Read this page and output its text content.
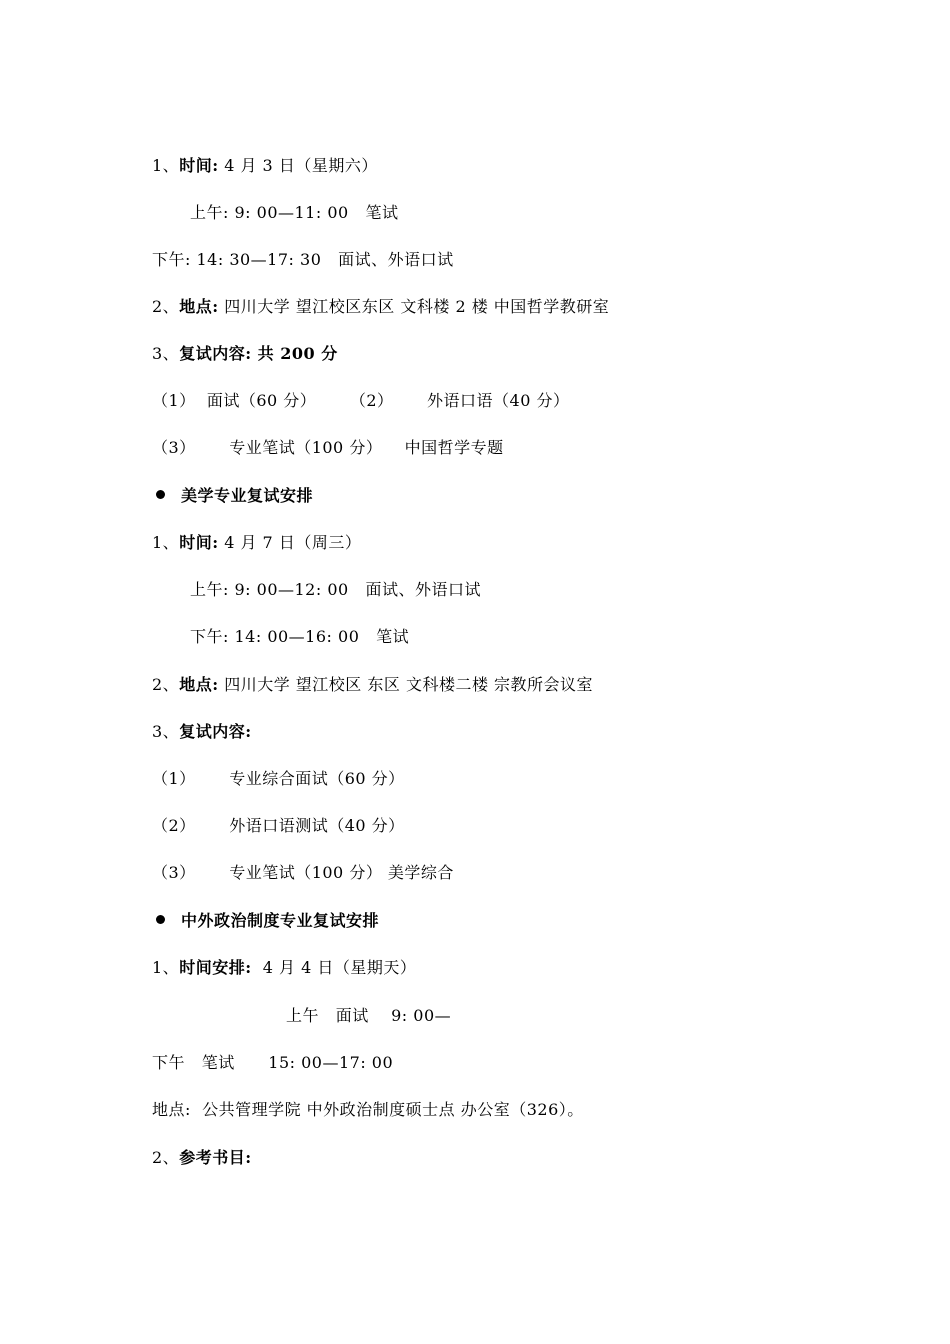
1、时间: 4 月 3 日（星期六）
上午: 9: 00—11: 00   笔试
下午: 14: 30—17: 30   面试、外语口试
2、地点: 四川大学 望江校区东区 文科楼 2 楼 中国哲学教研室
3、复试内容: 共 200 分
（1）  面试（60 分）      （2）      外语口语（40 分）
（3）      专业笔试（100 分）    中国哲学专题
美学专业复试安排
1、时间: 4 月 7 日（周三）
上午: 9: 00—12: 00   面试、外语口试
下午: 14: 00—16: 00   笔试
2、地点: 四川大学 望江校区 东区 文科楼二楼 宗教所会议室
3、复试内容:
（1）      专业综合面试（60 分）
（2）      外语口语测试（40 分）
（3）      专业笔试（100 分） 美学综合
中外政治制度专业复试安排
1、时间安排:  4 月 4 日（星期天）
上午   面试    9: 00—
下午   笔试      15: 00—17: 00
地点:  公共管理学院 中外政治制度硕士点 办公室（326）。
2、参考书目:
